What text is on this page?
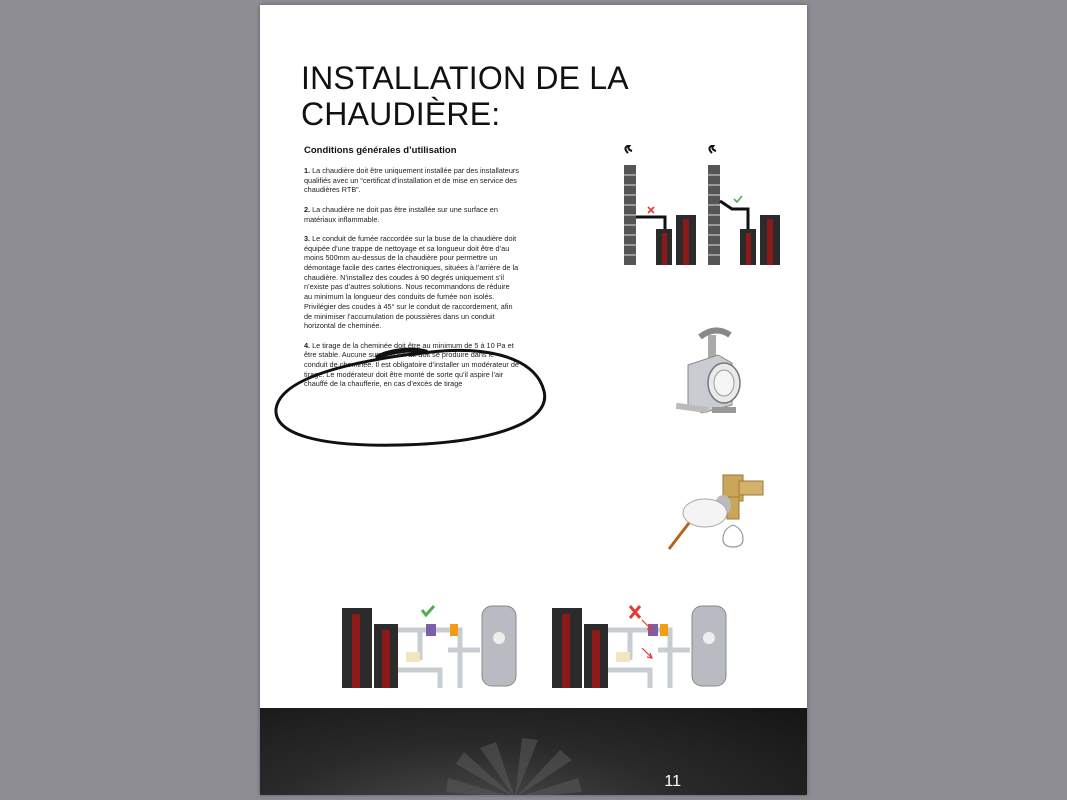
INSTALLATION DE LA
CHAUDIÈRE:
Conditions générales d’utilisation

1. La chaudière doit être uniquement installée par des installateurs qualifiés avec un “certificat d’installation et de mise en service des chaudières RTB”.

2. La chaudière ne doit pas être installée sur une surface en matériaux inflammable.

3. Le conduit de fumée raccordée sur la buse de la chaudière doit équipée d’une trappe de nettoyage et sa longueur doit être d’au moins 500mm au-dessus de la chaudière pour permettre un démontage facile des cartes électroniques, situées à l’arrière de la chaudière. N’installez des coudes à 90 degrés uniquement s’il n’existe pas d’autres solutions. Nous recommandons de réduire au minimum la longueur des conduits de fumée non isolés. Privilégier des coudes à 45° sur le conduit de raccordement, afin de minimiser l’accumulation de poussières dans un conduit horizontal de cheminée.

4. Le tirage de la cheminée doit être au minimum de 5 à 10 Pa et être stable. Aucune surpression ne doit se produire dans le conduit de cheminée. Il est obligatoire d’installer un modérateur de tirage. Le modérateur doit être monté de sorte qu’il aspire l’air chauffé de la chaufferie, en cas d’excès de tirage

11
